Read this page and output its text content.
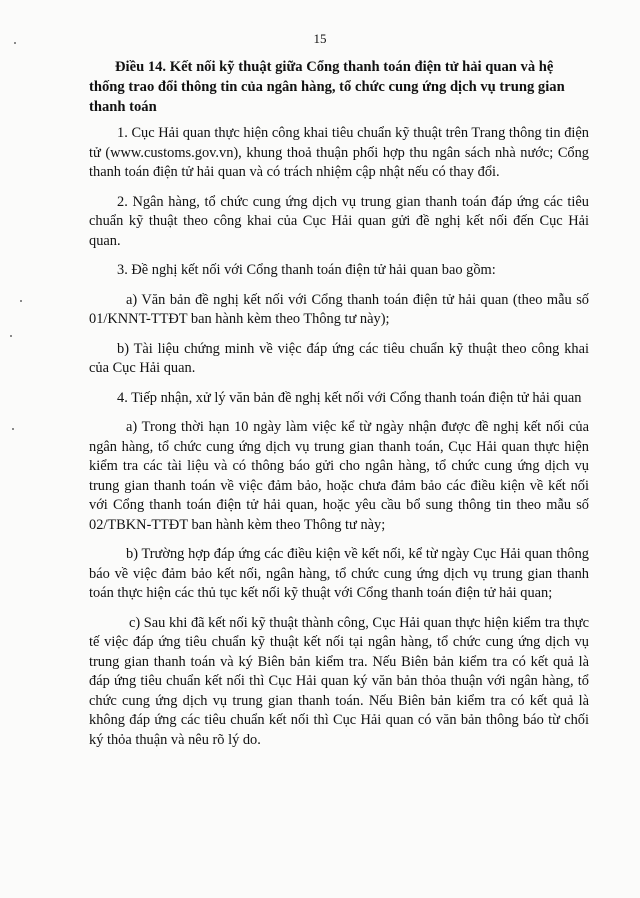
15
Điều 14. Kết nối kỹ thuật giữa Cổng thanh toán điện tử hải quan và hệ thống trao đổi thông tin của ngân hàng, tổ chức cung ứng dịch vụ trung gian thanh toán

1. Cục Hải quan thực hiện công khai tiêu chuẩn kỹ thuật trên Trang thông tin điện tử (www.customs.gov.vn), khung thoả thuận phối hợp thu ngân sách nhà nước; Cổng thanh toán điện tử hải quan và có trách nhiệm cập nhật nếu có thay đổi.

2. Ngân hàng, tổ chức cung ứng dịch vụ trung gian thanh toán đáp ứng các tiêu chuẩn kỹ thuật theo công khai của Cục Hải quan gửi đề nghị kết nối đến Cục Hải quan.

3. Đề nghị kết nối với Cổng thanh toán điện tử hải quan bao gồm:

a) Văn bản đề nghị kết nối với Cổng thanh toán điện tử hải quan (theo mẫu số 01/KNNT-TTĐT ban hành kèm theo Thông tư này);

b) Tài liệu chứng minh về việc đáp ứng các tiêu chuẩn kỹ thuật theo công khai của Cục Hải quan.

4. Tiếp nhận, xử lý văn bản đề nghị kết nối với Cổng thanh toán điện tử hải quan

a) Trong thời hạn 10 ngày làm việc kể từ ngày nhận được đề nghị kết nối của ngân hàng, tổ chức cung ứng dịch vụ trung gian thanh toán, Cục Hải quan thực hiện kiểm tra các tài liệu và có thông báo gửi cho ngân hàng, tổ chức cung ứng dịch vụ trung gian thanh toán về việc đảm bảo, hoặc chưa đảm bảo các điều kiện về kết nối với Cổng thanh toán điện tử hải quan, hoặc yêu cầu bổ sung thông tin theo mẫu số 02/TBKN-TTĐT ban hành kèm theo Thông tư này;

b) Trường hợp đáp ứng các điều kiện về kết nối, kể từ ngày Cục Hải quan thông báo về việc đảm bảo kết nối, ngân hàng, tổ chức cung ứng dịch vụ trung gian thanh toán thực hiện các thủ tục kết nối kỹ thuật với Cổng thanh toán điện tử hải quan;

c) Sau khi đã kết nối kỹ thuật thành công, Cục Hải quan thực hiện kiểm tra thực tế việc đáp ứng tiêu chuẩn kỹ thuật kết nối tại ngân hàng, tổ chức cung ứng dịch vụ trung gian thanh toán và ký Biên bản kiểm tra. Nếu Biên bản kiểm tra có kết quả là đáp ứng tiêu chuẩn kết nối thì Cục Hải quan ký văn bản thỏa thuận với ngân hàng, tổ chức cung ứng dịch vụ trung gian thanh toán. Nếu Biên bản kiểm tra có kết quả là không đáp ứng các tiêu chuẩn kết nối thì Cục Hải quan có văn bản thông báo từ chối ký thỏa thuận và nêu rõ lý do.
